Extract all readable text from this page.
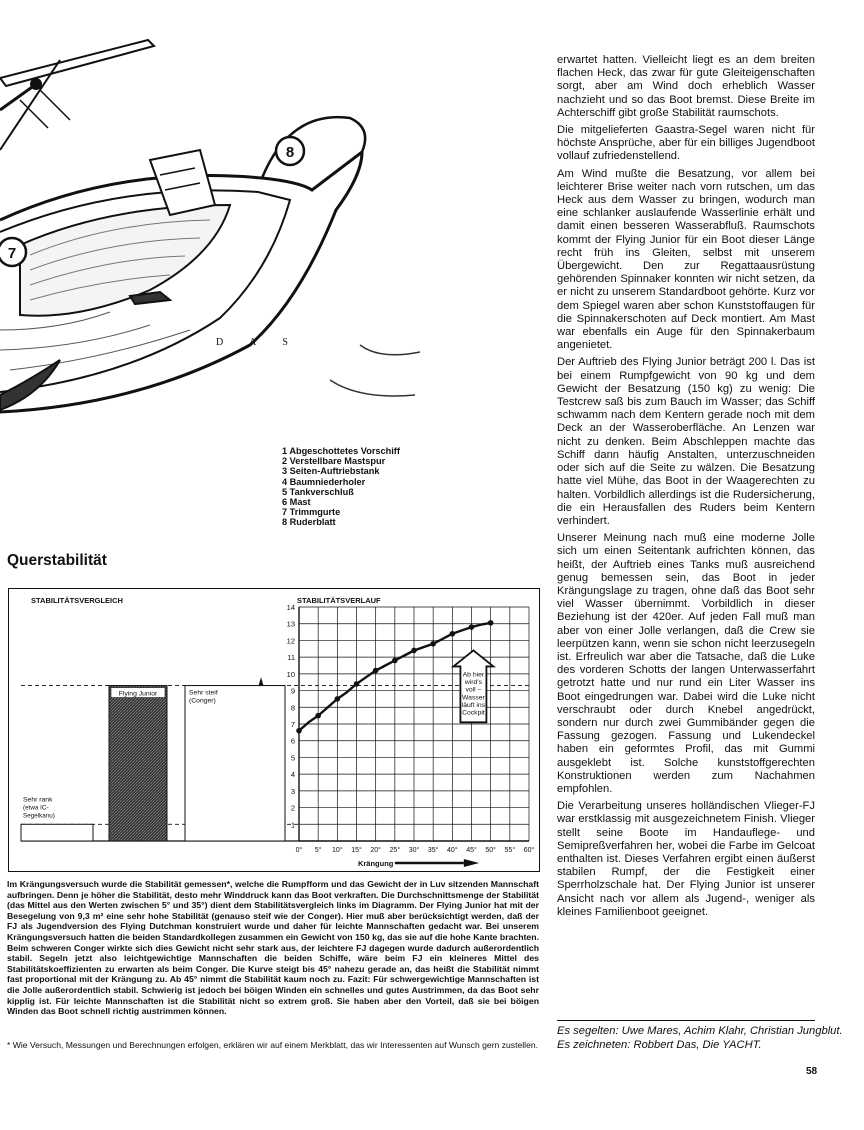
7
8
D A S
1 Abgeschottetes Vorschiff
2 Verstellbare Mastspur
3 Seiten-Auftriebstank
4 Baumniederholer
5 Tankverschluß
6 Mast
7 Trimmgurte
8 Ruderblatt
Querstabilität
STABILITÄTSVERGLEICH	STABILITÄTSVERLAUF
1
2
3
4
5
6
7
8
9
10
11
12
13
14
0° 5° 10° 15° 20° 25° 30° 35° 40° 45° 50° 55° 60°
Krängung
Flying Junior	Sehr steif
(Conger)
Sehr rank
(etwa IC-
Segelkanu)
Ab hier
wird's
voll –
Wasser
läuft ins
Cockpit

Im Krängungsversuch wurde die Stabilität gemessen*, welche die Rumpfform und das Gewicht der in Luv sitzenden Mannschaft aufbringen. Denn je höher die Stabilität, desto mehr Winddruck kann das Boot verkraften. Die Durchschnittsmenge der Stabilität (das Mittel aus den Werten zwischen 5° und 35°) dient dem Stabilitätsvergleich links im Diagramm. Der Flying Junior hat mit der Besegelung von 9,3 m² eine sehr hohe Stabilität (genauso steif wie der Conger). Hier muß aber berücksichtigt werden, daß der FJ als Jugendversion des Flying Dutchman konstruiert wurde und daher für leichte Mannschaften gedacht war. Bei unserem Krängungsversuch hatten die beiden Standardkollegen zusammen ein Gewicht von 150 kg, das sie auf die hohe Kante brachten. Beim schweren Conger wirkte sich dies Gewicht nicht sehr stark aus, der leichtere FJ dagegen wurde dadurch außerordentlich stabil. Segeln jetzt also leichtgewichtige Mannschaften die beiden Schiffe, wäre beim FJ ein kleineres Mittel des Stabilitätskoeffizienten zu erwarten als beim Conger. Die Kurve steigt bis 45° nahezu gerade an, das heißt die Stabilität nimmt fast proportional mit der Krängung zu. Ab 45° nimmt die Stabilität kaum noch zu. Fazit: Für schwergewichtige Mannschaften ist die Jolle außerordentlich stabil. Schwierig ist jedoch bei böigen Winden ein schnelles und gutes Austrimmen, da das Boot sehr kipplig ist. Für leichte Mannschaften ist die Stabilität nicht so extrem groß. Sie haben aber den Vorteil, daß sie bei böigen Winden das Boot schnell richtig austrimmen können.

* Wie Versuch, Messungen und Berechnungen erfolgen, erklären wir auf einem Merkblatt, das wir Interessenten auf Wunsch gern zustellen.

erwartet hatten. Vielleicht liegt es an dem breiten flachen Heck, das zwar für gute Gleiteigenschaften sorgt, aber am Wind doch erheblich Wasser nachzieht und so das Boot bremst. Diese Breite im Achterschiff gibt große Stabilität raumschots.

Die mitgelieferten Gaastra-Segel waren nicht für höchste Ansprüche, aber für ein billiges Jugendboot vollauf zufriedenstellend.

Am Wind mußte die Besatzung, vor allem bei leichterer Brise weiter nach vorn rutschen, um das Heck aus dem Wasser zu bringen, wodurch man eine schlanker auslaufende Wasserlinie erhält und damit einen besseren Wasserabfluß. Raumschots kommt der Flying Junior für ein Boot dieser Länge recht früh ins Gleiten, selbst mit unserem Übergewicht. Den zur Regattaausrüstung gehörenden Spinnaker konnten wir nicht setzen, da er nicht zu unserem Standardboot gehörte. Kurz vor dem Spiegel waren aber schon Kunststoffaugen für die Spinnakerschoten auf Deck montiert. Am Mast war ebenfalls ein Auge für den Spinnakerbaum angenietet.

Der Auftrieb des Flying Junior beträgt 200 l. Das ist bei einem Rumpfgewicht von 90 kg und dem Gewicht der Besatzung (150 kg) zu wenig: Die Testcrew saß bis zum Bauch im Wasser; das Schiff schwamm nach dem Kentern gerade noch mit dem Deck an der Wasseroberfläche. An Lenzen war nicht zu denken. Beim Abschleppen machte das Schiff dann häufig Anstalten, unterzuschneiden oder sich auf die Seite zu wälzen. Die Besatzung hatte viel Mühe, das Boot in der Waagerechten zu halten. Vorbildlich allerdings ist die Rudersicherung, die ein Herausfallen des Ruders beim Kentern verhindert.

Unserer Meinung nach muß eine moderne Jolle sich um einen Seitentank aufrichten können, das heißt, der Auftrieb eines Tanks muß ausreichend genug bemessen sein, das Boot in jeder Krängungslage zu tragen, ohne daß das Boot sehr viel Wasser übernimmt. Vorbildlich in dieser Beziehung ist der 420er. Auf jeden Fall muß man aber von einer Jolle verlangen, daß die Crew sie leerpützen kann, wenn sie schon nicht leerzusegeln ist. Erfreulich war aber die Tatsache, daß die Luke des vorderen Schotts der langen Unterwasserfahrt getrotzt hatte und nur rund ein Liter Wasser ins Boot eingedrungen war. Dabei wird die Luke nicht verschraubt oder durch Knebel angedrückt, sondern nur durch zwei Gummibänder gegen die Fassung gezogen. Fassung und Lukendeckel haben ein geformtes Profil, das mit Gummi ausgeklebt ist. Solche kunststoffgerechten Konstruktionen werden zum Nachahmen empfohlen.

Die Verarbeitung unseres holländischen Vlieger-FJ war erstklassig mit ausgezeichnetem Finish. Vlieger stellt seine Boote im Handauflege- und Semipreßverfahren her, wobei die Farbe im Gelcoat enthalten ist. Dieses Verfahren ergibt einen äußerst stabilen Rumpf, der die Festigkeit einer Sperrholzschale hat. Der Flying Junior ist unserer Ansicht nach vor allem als Jugend-, weniger als kleines Familienboot geeignet.

Es segelten: Uwe Mares, Achim Klahr, Christian Jungblut.
Es zeichneten: Robbert Das, Die YACHT.
58
